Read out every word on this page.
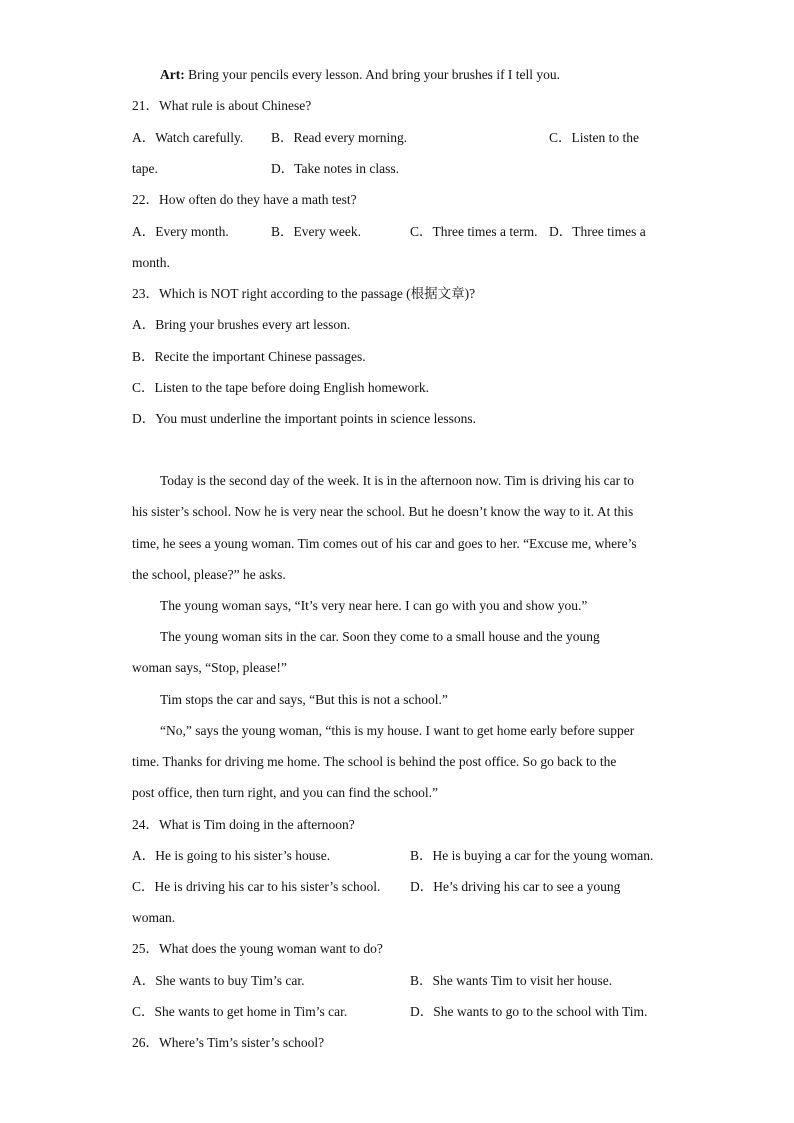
Art: Bring your pencils every lesson. And bring your brushes if I tell you.
21．What rule is about Chinese?
A．Watch carefully. B．Read every morning.	C．Listen to the
tape.	D．Take notes in class.
22．How often do they have a math test?
A．Every month.	B．Every week.	C．Three times a term. D．Three times a
month.
23．Which is NOT right according to the passage (根据文章)?
A．Bring your brushes every art lesson.
B．Recite the important Chinese passages.
C．Listen to the tape before doing English homework.
D．You must underline the important points in science lessons.
Today is the second day of the week. It is in the afternoon now. Tim is driving his car to
his sister’s school. Now he is very near the school. But he doesn’t know the way to it. At this
time, he sees a young woman. Tim comes out of his car and goes to her. “Excuse me, where’s
the school, please?” he asks.
The young woman says, “It’s very near here. I can go with you and show you.”
The young woman sits in the car. Soon they come to a small house and the young
woman says, “Stop, please!”
Tim stops the car and says, “But this is not a school.”
“No,” says the young woman, “this is my house. I want to get home early before supper
time. Thanks for driving me home. The school is behind the post office. So go back to the
post office, then turn right, and you can find the school.”
24．What is Tim doing in the afternoon?
A．He is going to his sister’s house.	B．He is buying a car for the young woman.
C．He is driving his car to his sister’s school. D．He’s driving his car to see a young
woman.
25．What does the young woman want to do?
A．She wants to buy Tim’s car.	B．She wants Tim to visit her house.
C．She wants to get home in Tim’s car.	D．She wants to go to the school with Tim.
26．Where’s Tim’s sister’s school?
